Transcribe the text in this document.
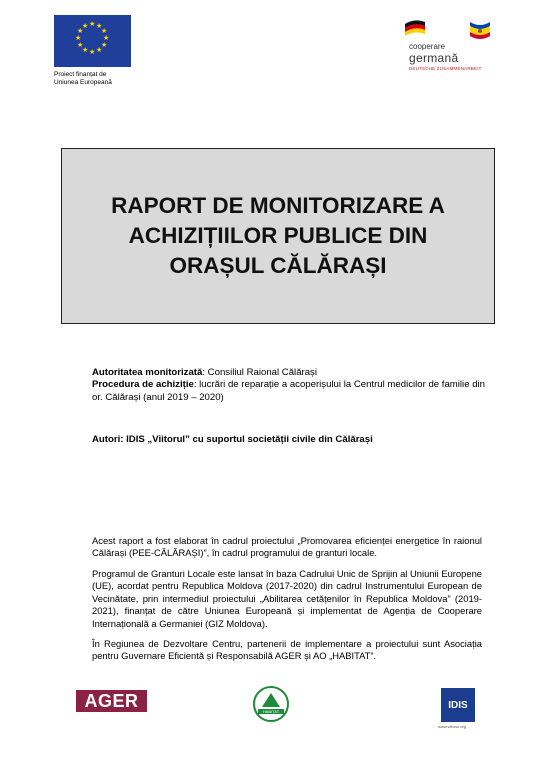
★ ★
★
★
★
★
★
★
★
★
★
★
Proiect finanțat de
Uniunea Europeană
cooperare
germană
DEUTSCHE ZUSAMMENARBEIT
RAPORT DE MONITORIZARE A
ACHIZIȚIILOR PUBLICE DIN
ORAȘUL CĂLĂRAȘI
Autoritatea monitorizată: Consiliul Raional Călărași
Procedura de achiziție: lucrări de reparație a acoperișului la Centrul medicilor de familie din or. Călărași (anul 2019 – 2020)
Autori: IDIS „Viitorul” cu suportul societății civile din Călărași
Acest raport a fost elaborat în cadrul proiectului „Promovarea eficienței energetice în raionul Călărași (PEE-CĂLĂRAȘI)”, în cadrul programului de granturi locale.
Programul de Granturi Locale este lansat în baza Cadrului Unic de Sprijin al Uniunii Europene (UE), acordat pentru Republica Moldova (2017-2020) din cadrul Instrumentului European de Vecinătate, prin intermediul proiectului „Abilitarea cetățenilor în Republica Moldova” (2019-2021), finanțat de către Uniunea Europeană și implementat de Agenția de Cooperare Internațională a Germaniei (GIZ Moldova).
În Regiunea de Dezvoltare Centru, partenerii de implementare a proiectului sunt Asociația pentru Guvernare Eficientă și Responsabilă AGER și AO „HABITAT”.
AGER
HABITAT
IDIS
www.viitorul.org
